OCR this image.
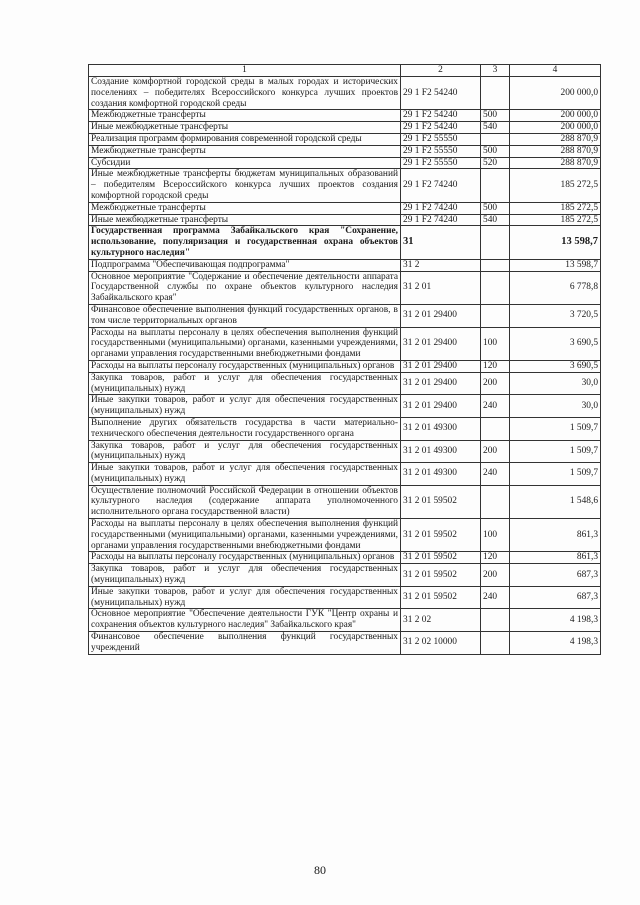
1	2	3	4
Создание комфортной городской среды в малых городах и исторических поселениях – победителях Всероссийского конкурса лучших проектов создания комфортной городской среды	29 1 F2 54240		200 000,0
Межбюджетные трансферты	29 1 F2 54240	500	200 000,0
Иные межбюджетные трансферты	29 1 F2 54240	540	200 000,0
Реализация программ формирования современной городской среды	29 1 F2 55550		288 870,9
Межбюджетные трансферты	29 1 F2 55550	500	288 870,9
Субсидии	29 1 F2 55550	520	288 870,9
Иные межбюджетные трансферты бюджетам муниципальных образований – победителям Всероссийского конкурса лучших проектов создания комфортной городской среды	29 1 F2 74240		185 272,5
Межбюджетные трансферты	29 1 F2 74240	500	185 272,5
Иные межбюджетные трансферты	29 1 F2 74240	540	185 272,5
Государственная программа Забайкальского края "Сохранение, использование, популяризация и государственная охрана объектов культурного наследия"	31		13 598,7
Подпрограмма "Обеспечивающая подпрограмма"	31 2		13 598,7
Основное мероприятие "Содержание и обеспечение деятельности аппарата Государственной службы по охране объектов культурного наследия Забайкальского края"	31 2 01		6 778,8
Финансовое обеспечение выполнения функций государственных органов, в том числе территориальных органов	31 2 01 29400		3 720,5
Расходы на выплаты персоналу в целях обеспечения выполнения функций государственными (муниципальными) органами, казенными учреждениями, органами управления государственными внебюджетными фондами	31 2 01 29400	100	3 690,5
Расходы на выплаты персоналу государственных (муниципальных) органов	31 2 01 29400	120	3 690,5
Закупка товаров, работ и услуг для обеспечения государственных (муниципальных) нужд	31 2 01 29400	200	30,0
Иные закупки товаров, работ и услуг для обеспечения государственных (муниципальных) нужд	31 2 01 29400	240	30,0
Выполнение других обязательств государства в части материально-технического обеспечения деятельности государственного органа	31 2 01 49300		1 509,7
Закупка товаров, работ и услуг для обеспечения государственных (муниципальных) нужд	31 2 01 49300	200	1 509,7
Иные закупки товаров, работ и услуг для обеспечения государственных (муниципальных) нужд	31 2 01 49300	240	1 509,7
Осуществление полномочий Российской Федерации в отношении объектов культурного наследия (содержание аппарата уполномоченного исполнительного органа государственной власти)	31 2 01 59502		1 548,6
Расходы на выплаты персоналу в целях обеспечения выполнения функций государственными (муниципальными) органами, казенными учреждениями, органами управления государственными внебюджетными фондами	31 2 01 59502	100	861,3
Расходы на выплаты персоналу государственных (муниципальных) органов	31 2 01 59502	120	861,3
Закупка товаров, работ и услуг для обеспечения государственных (муниципальных) нужд	31 2 01 59502	200	687,3
Иные закупки товаров, работ и услуг для обеспечения государственных (муниципальных) нужд	31 2 01 59502	240	687,3
Основное мероприятие "Обеспечение деятельности ГУК "Центр охраны и сохранения объектов культурного наследия" Забайкальского края"	31 2 02		4 198,3
Финансовое обеспечение выполнения функций государственных учреждений	31 2 02 10000		4 198,3
80
